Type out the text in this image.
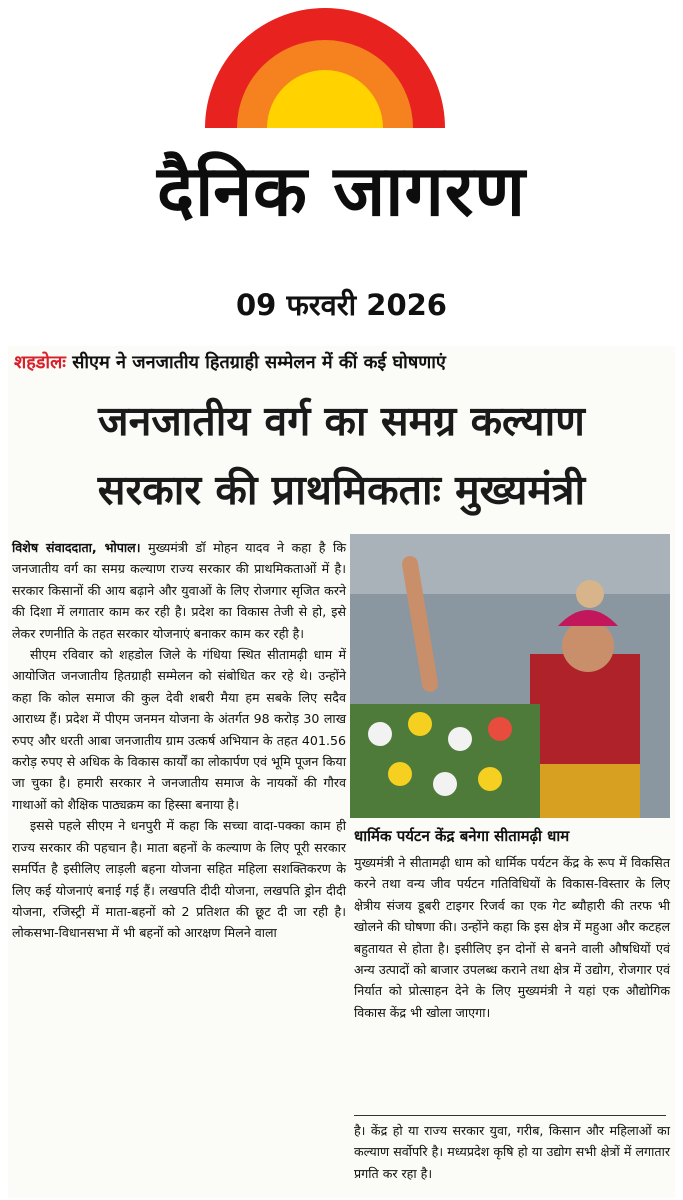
दैनिक जागरण
09 फरवरी 2026
शहडोलः सीएम ने जनजातीय हितग्राही सम्मेलन में कीं कई घोषणाएं
जनजातीय वर्ग का समग्र कल्याण
सरकार की प्राथमिकताः मुख्यमंत्री

विशेष संवाददाता, भोपाल। मुख्यमंत्री डॉ मोहन यादव ने कहा है कि जनजातीय वर्ग का समग्र कल्याण राज्य सरकार की प्राथमिकताओं में है। सरकार किसानों की आय बढ़ाने और युवाओं के लिए रोजगार सृजित करने की दिशा में लगातार काम कर रही है। प्रदेश का विकास तेजी से हो, इसे लेकर रणनीति के तहत सरकार योजनाएं बनाकर काम कर रही है।

सीएम रविवार को शहडोल जिले के गंधिया स्थित सीतामढ़ी धाम में आयोजित जनजातीय हितग्राही सम्मेलन को संबोधित कर रहे थे। उन्होंने कहा कि कोल समाज की कुल देवी शबरी मैया हम सबके लिए सदैव आराध्य हैं। प्रदेश में पीएम जनमन योजना के अंतर्गत 98 करोड़ 30 लाख रुपए और धरती आबा जनजातीय ग्राम उत्कर्ष अभियान के तहत 401.56 करोड़ रुपए से अधिक के विकास कार्यों का लोकार्पण एवं भूमि पूजन किया जा चुका है। हमारी सरकार ने जनजातीय समाज के नायकों की गौरव गाथाओं को शैक्षिक पाठ्यक्रम का हिस्सा बनाया है।

इससे पहले सीएम ने धनपुरी में कहा कि सच्चा वादा-पक्का काम ही राज्य सरकार की पहचान है। माता बहनों के कल्याण के लिए पूरी सरकार समर्पित है इसीलिए लाड़ली बहना योजना सहित महिला सशक्तिकरण के लिए कई योजनाएं बनाई गई हैं। लखपति दीदी योजना, लखपति ड्रोन दीदी योजना, रजिस्ट्री में माता-बहनों को 2 प्रतिशत की छूट दी जा रही है। लोकसभा-विधानसभा में भी बहनों को आरक्षण मिलने वाला

धार्मिक पर्यटन केंद्र बनेगा सीतामढ़ी धाम

मुख्यमंत्री ने सीतामढ़ी धाम को धार्मिक पर्यटन केंद्र के रूप में विकसित करने तथा वन्य जीव पर्यटन गतिविधियों के विकास-विस्तार के लिए क्षेत्रीय संजय डूबरी टाइगर रिजर्व का एक गेट ब्यौहारी की तरफ भी खोलने की घोषणा की। उन्होंने कहा कि इस क्षेत्र में महुआ और कटहल बहुतायत से होता है। इसीलिए इन दोनों से बनने वाली औषधियों एवं अन्य उत्पादों को बाजार उपलब्ध कराने तथा क्षेत्र में उद्योग, रोजगार एवं निर्यात को प्रोत्साहन देने के लिए मुख्यमंत्री ने यहां एक औद्योगिक विकास केंद्र भी खोला जाएगा।

है। केंद्र हो या राज्य सरकार युवा, गरीब, किसान और महिलाओं का कल्याण सर्वोपरि है। मध्यप्रदेश कृषि हो या उद्योग सभी क्षेत्रों में लगातार प्रगति कर रहा है।
